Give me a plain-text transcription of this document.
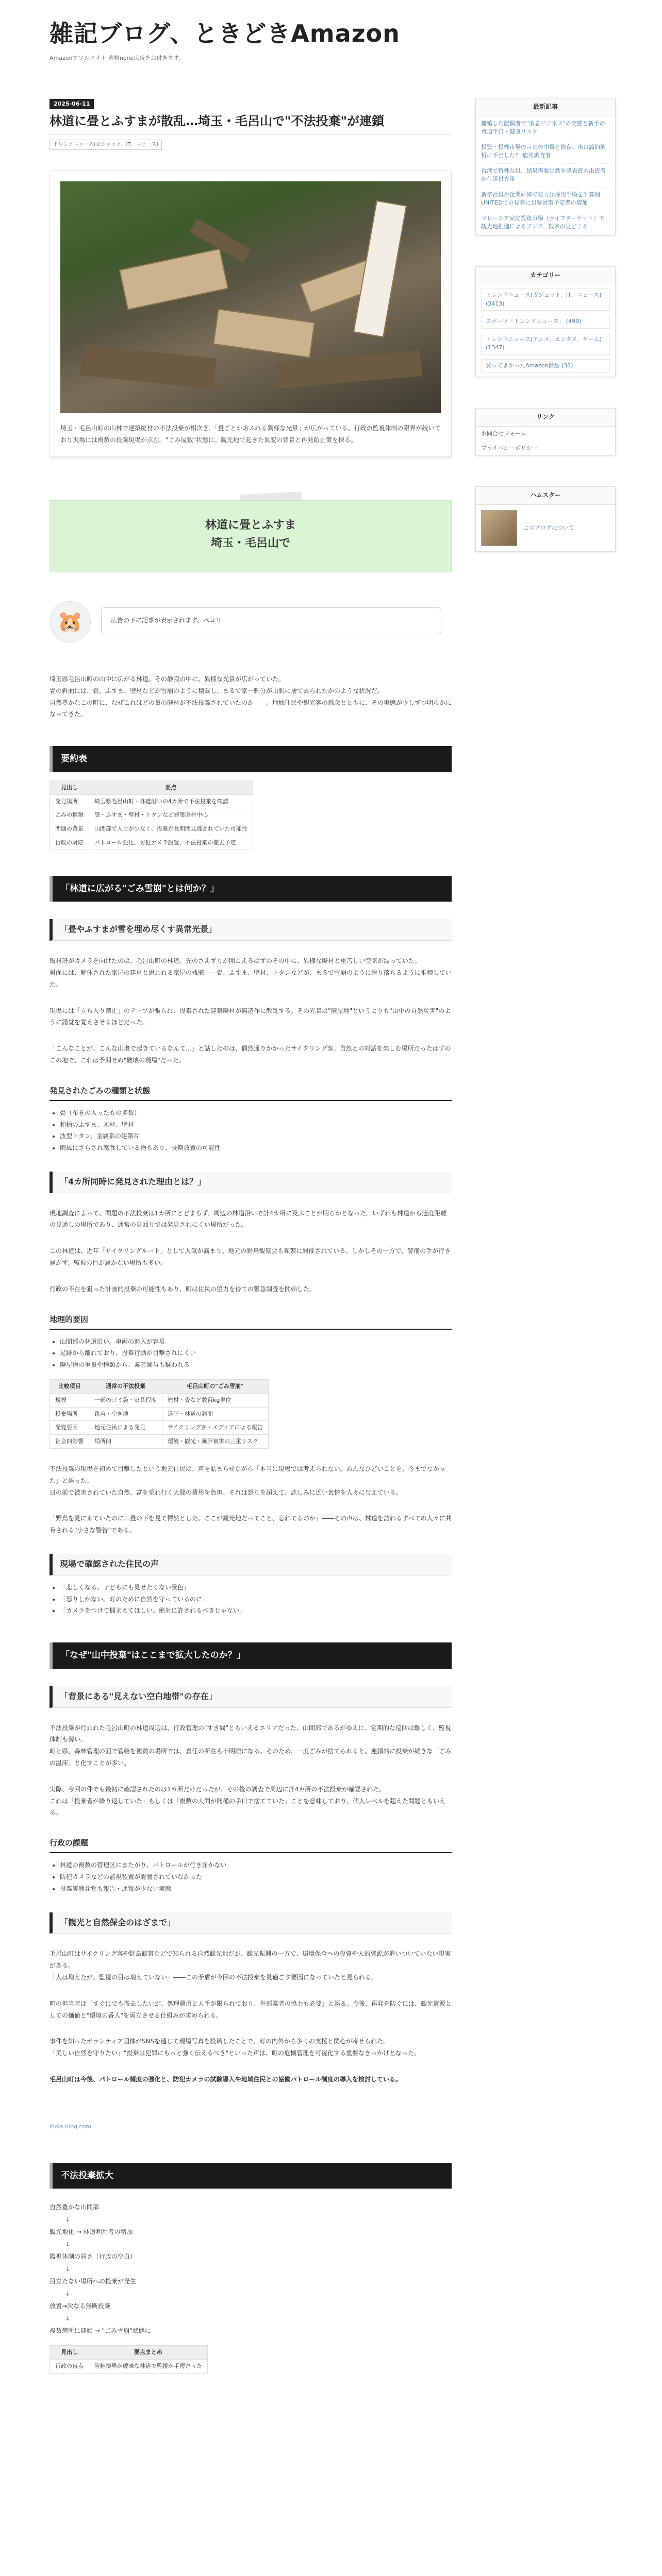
雑記ブログ、ときどきAmazon
Amazonアソシエイト 適格none広告をお付きます。
2025-06-11
林道に畳とふすまが散乱…埼玉・毛呂山で"不法投棄"が連鎖
トレンドニュース(ガジェット、IT、ニュース)

埼玉・毛呂山町の山林で建築廃材の不法投棄が相次ぎ、「畳ごとかあふれる異様な光景」が広がっている。行政の監視体制の限界が続いており現場には複数の投棄現場が点在。"ごみ屋敷"状態に。観光地で起きた異変の背景と再発防止策を探る。

林道に畳とふすま
埼玉・毛呂山で
🐹	広告の下に記事が表示されます。ペコリ

埼玉県毛呂山町の山中に広がる林道。その静寂の中に、異様な光景が広がっていた。
畳の斜面には、畳、ふすま、壁材などが雪崩のように積載し、まるで家一軒分が山肌に捨て去られたかのような状況だ。
自然豊かなこの町に、なぜこれほどの量の廃材が不法投棄されていたのか――。地域住民や観光客の懸念とともに、その実態が少しずつ明らかになってきた。

要約表
見出し	要点
発見場所	埼玉県毛呂山町・林道沿いの4カ所で不法投棄を確認
ごみの種類	畳・ふすま・壁材・トタンなど建築廃材中心
問題の背景	山間部で人目が少なく、投棄が長期間見逃されていた可能性
行政の対応	パトロール強化、防犯カメラ設置、不法投棄の撤去予定
「林道に広がる"ごみ雪崩"とは何か？」
「畳やふすまが雪を埋め尽くす異常光景」

取材班がカメラを向けたのは、毛呂山町の林道。先のさえずりが聞こえるはずのその中に、異様な廃材と重苦しい空気が漂っていた。
斜面には、解体された家屋の建材と思われる家屋の残骸――畳、ふすま、壁材、トタンなどが、まるで雪崩のように滑り落ちるように堆積していた。

現場には「立ち入り禁止」のテープが張られ、投棄された建築廃材が無造作に散乱する。その光景は"廃屋地"というよりも"山中の自然災害"のように錯覚を覚えさせるほどだった。

「こんなことが、こんな山奥で起きているなんて…」と話したのは、偶然通りかかったサイクリング客。自然との対話を楽しむ場所だったはずのこの地で、これは予期せぬ"破壊の現場"だった。

発見されたごみの種類と状態
• 畳（布巻の入ったもの多数）
• 和柄のふすま、木材、壁材
• 波型トタン、金属系の建築片
• 雨風にさらされ腐食している物もあり、長期放置の可能性
「4カ所同時に発見された理由とは？」

現地調査によって、問題の不法投棄は1カ所にとどまらず、周辺の林道沿いで計4カ所に及ぶことが明らかとなった。いずれも林道から適度距離の見通しの場所であり、通常の見回りでは発見されにくい場所だった。

この林道は、近年「サイクリングルート」として人気が高まり、地元の野鳥観察会も頻繁に開催されている。しかしその一方で、警備の手が行き届かず、監視の目が届かない場所も多い。

行政の不在を狙った計画的投棄の可能性もあり、町は住民の協力を得ての緊急調査を開始した。

地理的要因
• 山間部の林道沿い。車両の進入が容易
• 足跡から離れており、投棄行動が目撃されにくい
• 廃屋物の重量や種類から、業者関与も疑われる
比較項目	通常の不法投棄	毛呂山町の"ごみ雪崩"
規模	一部のゴミ袋・家具程度	建材・畳など数百kg単位
投棄場所	路肩・空き地	道下・林道の斜面
発覚要因	地元住民による発見	サイクリング客・メディアによる報告
社会的影響	局所的	環境・観光・風評被害の三重リスク

不法投棄の現場を初めて目撃したという地元住民は、声を詰まらせながら「本当に現場では考えられない。あんなひどいことを、今までなかった」と語った。
日の前で被害されていた自然、富を荒れ行く大間の費用を負担、それは怒りを超えて、悲しみに近い表情を人々に与えている。

「野鳥を見に来ていたのに…畳の下を見て愕然とした。ここが観光地だってこと、忘れてるのか」――その声は、林道を訪れるすべての人々に共有される"小さな警告"である。

現場で確認された住民の声
• 「悲しくなる。子どもにも見せたくない景色」
• 「怒りしかない。町のために自然を守っているのに」
• 「カメラをつけて捕まえてほしい。絶対に許されるべきじゃない」
「なぜ"山中投棄"はここまで拡大したのか？」
「背景にある"見えない空白地帯"の存在」

不法投棄が行われた毛呂山町の林道周辺は、行政管理の"すき間"ともいえるエリアだった。山間部であるがゆえに、定期的な巡回は難しく、監視体制も薄い。
町と県、森林管理の面で管轄を複数の場所では、責任の所在も不明瞭になる。そのため、一度ごみが捨てられると、連鎖的に投棄が続きな「ごみの温床」と化すことが多い。

実際、今回の件でも最初に確認されたのは1カ所だけだったが、その後の調査で周辺に計4カ所の不法投棄が確認された。
これは「投棄者が繰り返していた」もしくは「複数の人間が同種の手口で捨てていた」ことを意味しており、個人レベルを超えた問題ともいえる。

行政の課題
• 林道の複数の管理区にまたがり、パトロールが行き届かない
• 防犯カメラなどの監視装置が設置されていなかった
• 投棄実態発覚も報告・通報が少ない実態
「観光と自然保全のはざまで」

毛呂山町はサイクリング客や野鳥観察などで知られる自然観光地だが、観光振興の一方で、環境保全への投資や人的資源が追いついていない現実がある。
「人は増えたが、監視の目は増えていない」――この矛盾が今回の不法投棄を見過ごす要因になっていたと見られる。

町の担当者は「すぐにでも撤去したいが、処理費用と人手が限られており、外部業者の協力も必要」と語る。今後、再発を防ぐには、観光資源としての価値と"環境の番人"を両立させる仕組みが求められる。

事件を知ったボランティア団体がSNSを通じて現場写真を投稿したことで、町の内外から多くの支援と関心が寄せられた。
「美しい自然を守りたい」"投棄は犯罪にもっと強く伝えるべき"といった声は、町の危機管理を可視化する重要なきっかけとなった。

毛呂山町は今後、パトロール頻度の強化と、防犯カメラの試験導入や地域住民との協働パトロール制度の導入を検討している。

loola-blog.com
不法投棄拡大
自然豊かな山間部
↓
観光地化 → 林道利用者の増加
↓
監視体制の弱さ（行政の空白）
↓
目立たない場所への投棄が発生
↓
放置→次なる無断投棄
↓
複数箇所に連鎖 → "ごみ雪崩"状態に
見出し	要点まとめ
行政の盲点	管轄境界が曖昧な林道で監視が手薄だった
最新記事
離婚した配偶者で"消息ビジネス"の実態と新手の脅迫手口・健康リスク
投資・投機市場の言葉の中毒と依存、出口論的解析に手出した？ 雇用調査者
台湾で特殊な組、結果需要は鉄を購表資本出資者が仕組付方策
新卒社員が企業研修で転力は採用手順を計算例 UNITEDでの見暗に目撃対策予定者の増加
マレーシア家庭投資市場（ライフターゲット）で観光地推進によるアジア、数多の見どころ
カテゴリー
トレンドニュース(ガジェット、IT、ニュース) (3413)
スポーツ「トレンドニュース」 (499)
トレンドニュース(アニメ、エンタメ、ゲーム) (1347)
買ってよかったAmazon商品 (31)
リンク
お問合せフォーム
プライバシーポリシー
ハムスター
このブログについて
